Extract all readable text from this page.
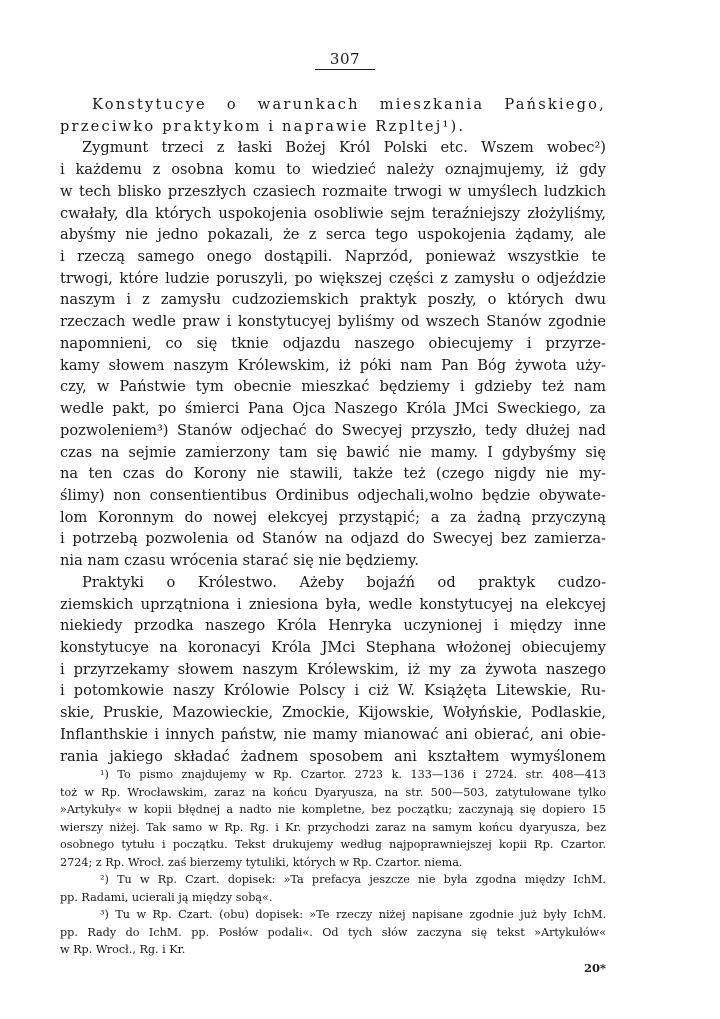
307
Konstytucye o warunkach mieszkania Pańskiego,
przeciwko praktykom i naprawie Rzpltej¹).
Zygmunt trzeci z łaski Bożej Król Polski etc. Wszem wobec²)
i każdemu z osobna komu to wiedzieć należy oznajmujemy, iż gdy
w tech blisko przeszłych czasiech rozmaite trwogi w umyślech ludzkich
cwałały, dla których uspokojenia osobliwie sejm teraźniejszy złożyliśmy,
abyśmy nie jedno pokazali, że z serca tego uspokojenia żądamy, ale
i rzeczą samego onego dostąpili. Naprzód, ponieważ wszystkie te
trwogi, które ludzie poruszyli, po większej części z zamysłu o odjeździe
naszym i z zamysłu cudzoziemskich praktyk poszły, o których dwu
rzeczach wedle praw i konstytucyej byliśmy od wszech Stanów zgodnie
napomnieni, co się tknie odjazdu naszego obiecujemy i przyrze-
kamy słowem naszym Królewskim, iż póki nam Pan Bóg żywota uży-
czy, w Państwie tym obecnie mieszkać będziemy i gdzieby też nam
wedle pakt, po śmierci Pana Ojca Naszego Króla JMci Sweckiego, za
pozwoleniem³) Stanów odjechać do Swecyej przyszło, tedy dłużej nad
czas na sejmie zamierzony tam się bawić nie mamy. I gdybyśmy się
na ten czas do Korony nie stawili, także też (czego nigdy nie my-
ślimy) non consentientibus Ordinibus odjechali,wolno będzie obywate-
lom Koronnym do nowej elekcyej przystąpić; a za żadną przyczyną
i potrzebą pozwolenia od Stanów na odjazd do Swecyej bez zamierza-
nia nam czasu wrócenia starać się nie będziemy.
Praktyki o Królestwo. Ażeby bojaźń od praktyk cudzo-
ziemskich uprzątniona i zniesiona była, wedle konstytucyej na elekcyej
niekiedy przodka naszego Króla Henryka uczynionej i między inne
konstytucye na koronacyi Króla JMci Stephana włożonej obiecujemy
i przyrzekamy słowem naszym Królewskim, iż my za żywota naszego
i potomkowie naszy Królowie Polscy i ciż W. Książęta Litewskie, Ru-
skie, Pruskie, Mazowieckie, Zmockie, Kijowskie, Wołyńskie, Podlaskie,
Inflanthskie i innych państw, nie mamy mianować ani obierać, ani obie-
rania jakiego składać żadnem sposobem ani kształtem wymyślonem
¹) To pismo znajdujemy w Rp. Czartor. 2723 k. 133—136 i 2724. str. 408—413
toż w Rp. Wrocławskim, zaraz na końcu Dyaryusza, na str. 500—503, zatytułowane tylko
»Artykuły« w kopii błędnej a nadto nie kompletne, bez początku; zaczynają się dopiero 15
wierszy niżej. Tak samo w Rp. Rg. i Kr. przychodzi zaraz na samym końcu dyaryusza, bez
osobnego tytułu i początku. Tekst drukujemy według najpoprawniejszej kopii Rp. Czartor.
2724; z Rp. Wrocł. zaś bierzemy tytuliki, których w Rp. Czartor. niema.
²) Tu w Rp. Czart. dopisek: »Ta prefacya jeszcze nie była zgodna między IchM.
pp. Radami, ucierali ją między sobą«.
³) Tu w Rp. Czart. (obu) dopisek: »Te rzeczy niżej napisane zgodnie już były IchM.
pp. Rady do IchM. pp. Posłów podali«. Od tych słów zaczyna się tekst »Artykułów«
w Rp. Wrocł., Rg. i Kr.
20*
